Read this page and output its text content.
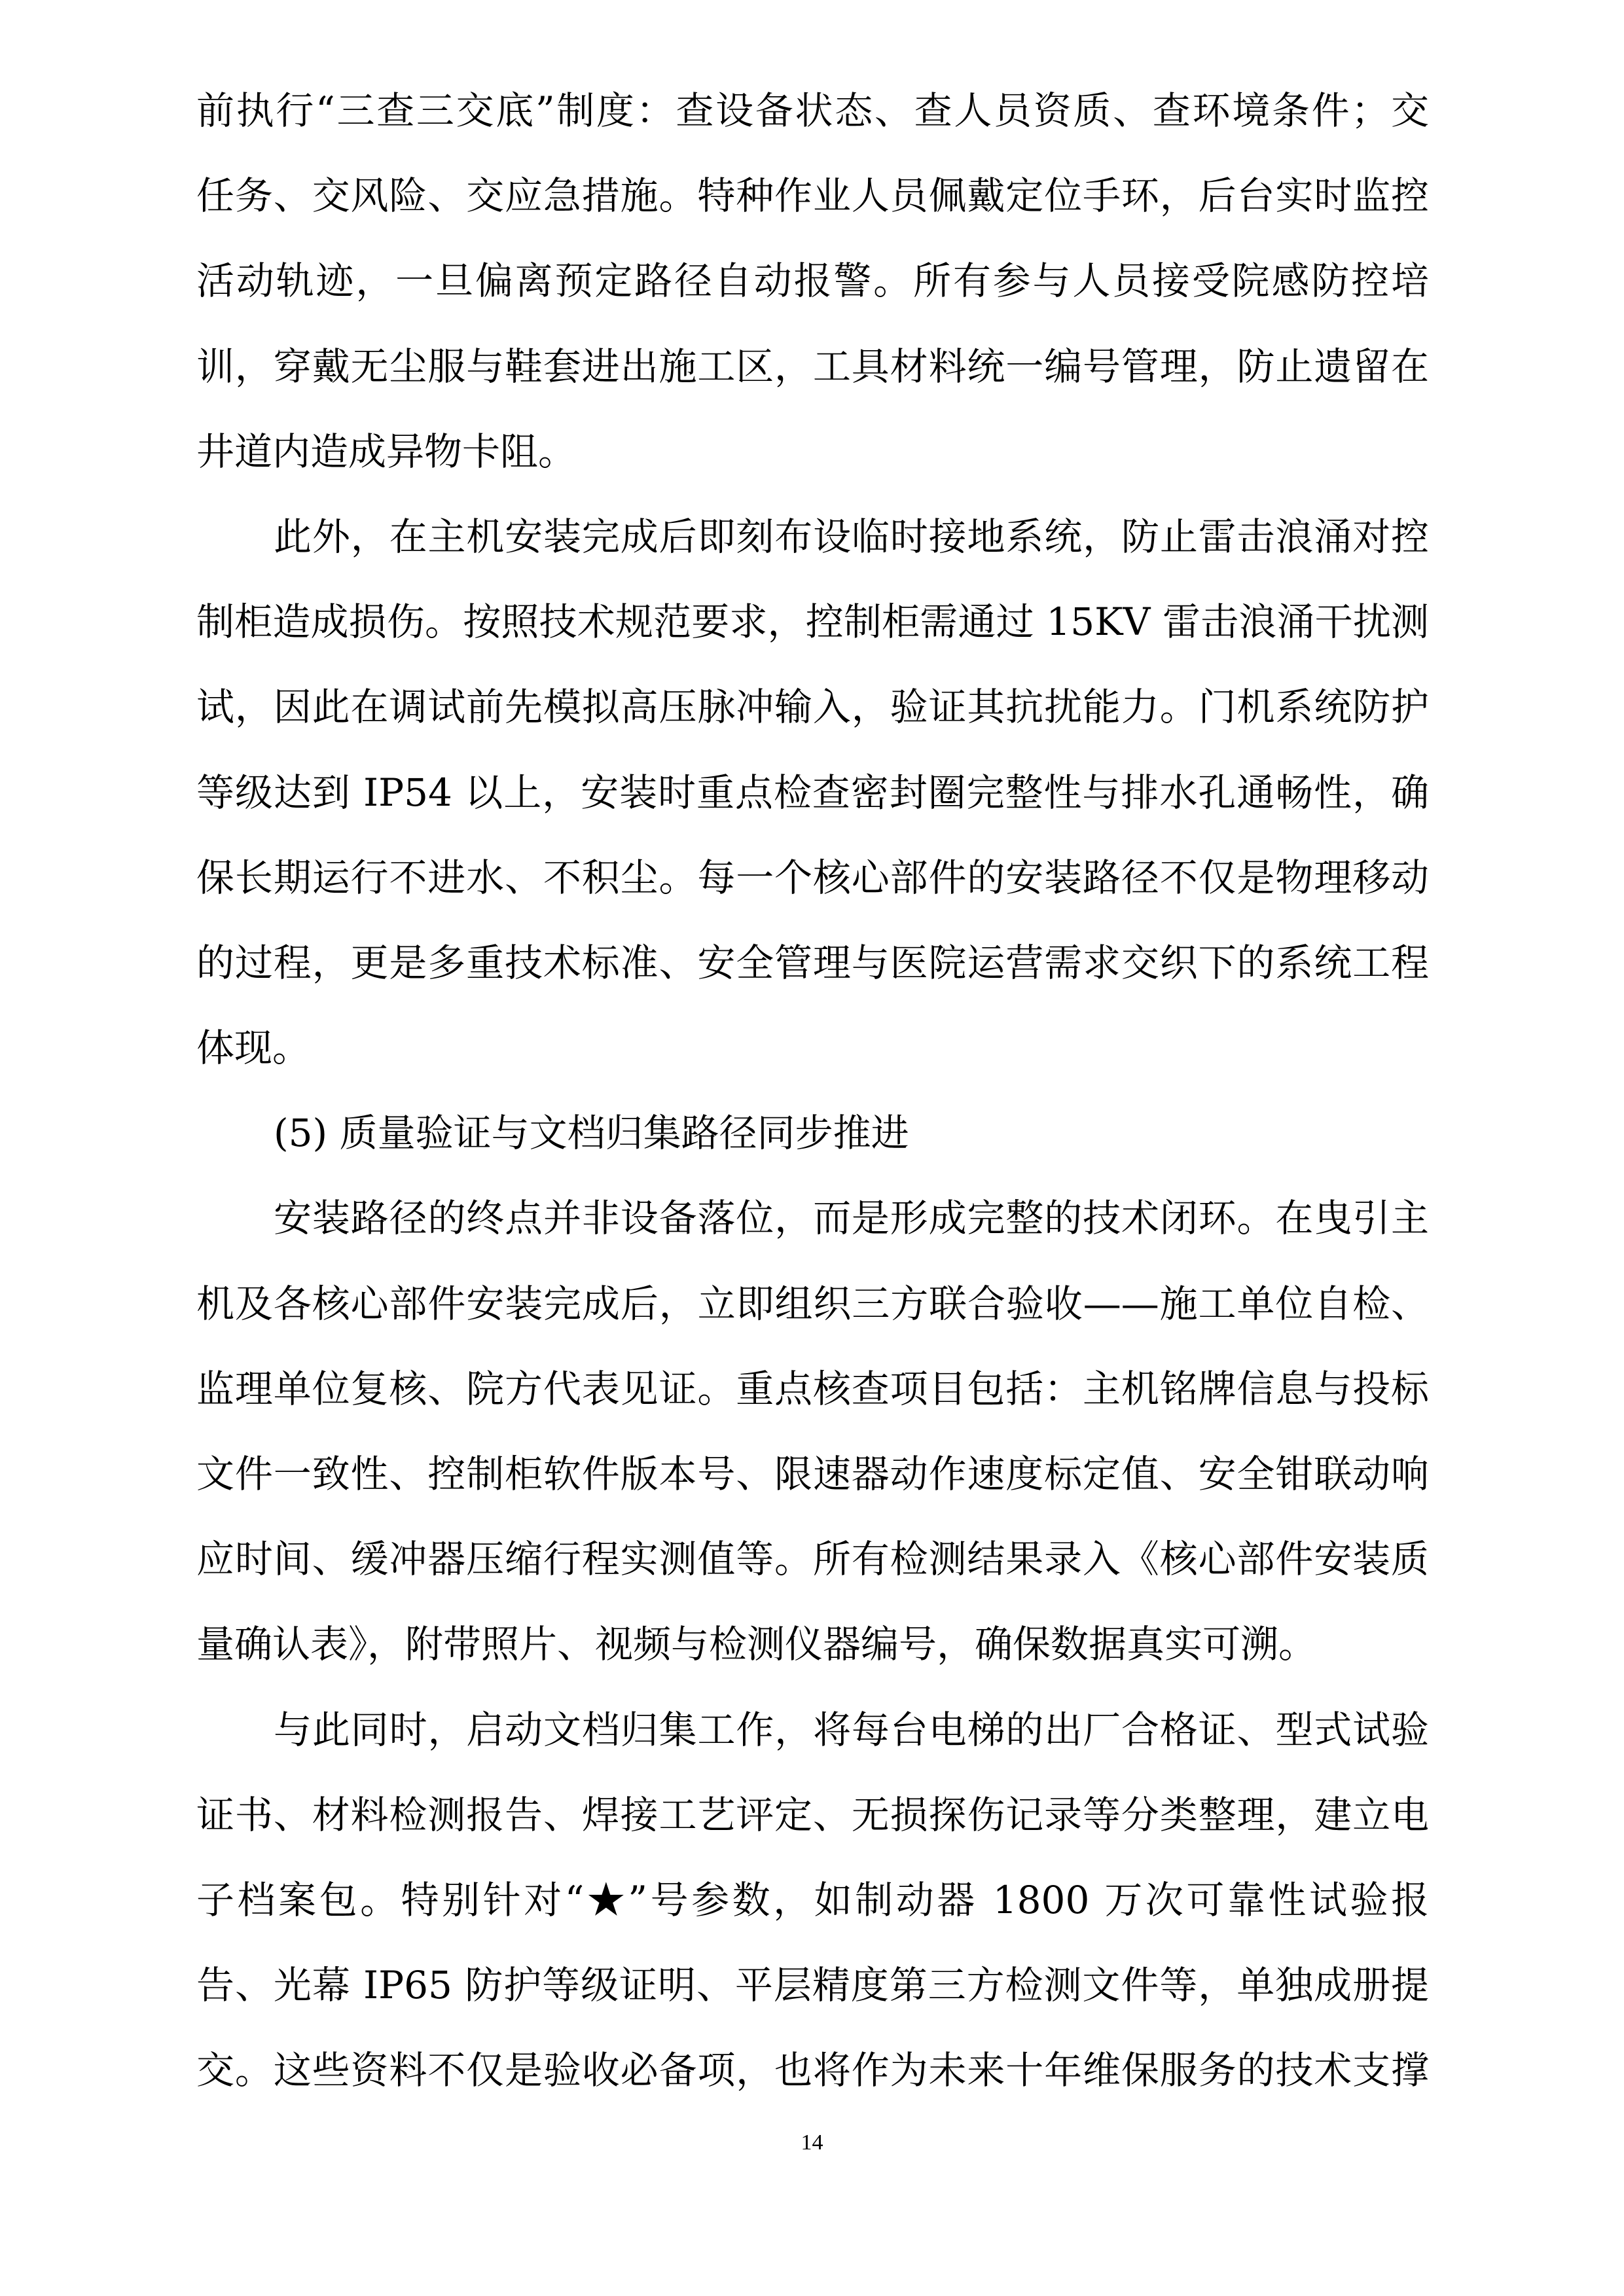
前执行“三查三交底”制度：查设备状态、查人员资质、查环境条件；交
任务、交风险、交应急措施。特种作业人员佩戴定位手环，后台实时监控
活动轨迹，一旦偏离预定路径自动报警。所有参与人员接受院感防控培
训，穿戴无尘服与鞋套进出施工区，工具材料统一编号管理，防止遗留在
井道内造成异物卡阻。
此外，在主机安装完成后即刻布设临时接地系统，防止雷击浪涌对控
制柜造成损伤。按照技术规范要求，控制柜需通过 15KV 雷击浪涌干扰测
试，因此在调试前先模拟高压脉冲输入，验证其抗扰能力。门机系统防护
等级达到 IP54 以上，安装时重点检查密封圈完整性与排水孔通畅性，确
保长期运行不进水、不积尘。每一个核心部件的安装路径不仅是物理移动
的过程，更是多重技术标准、安全管理与医院运营需求交织下的系统工程
体现。
(5) 质量验证与文档归集路径同步推进
安装路径的终点并非设备落位，而是形成完整的技术闭环。在曳引主
机及各核心部件安装完成后，立即组织三方联合验收——施工单位自检、
监理单位复核、院方代表见证。重点核查项目包括：主机铭牌信息与投标
文件一致性、控制柜软件版本号、限速器动作速度标定值、安全钳联动响
应时间、缓冲器压缩行程实测值等。所有检测结果录入《核心部件安装质
量确认表》，附带照片、视频与检测仪器编号，确保数据真实可溯。
与此同时，启动文档归集工作，将每台电梯的出厂合格证、型式试验
证书、材料检测报告、焊接工艺评定、无损探伤记录等分类整理，建立电
子档案包。特别针对“★”号参数，如制动器 1800 万次可靠性试验报
告、光幕 IP65 防护等级证明、平层精度第三方检测文件等，单独成册提
交。这些资料不仅是验收必备项，也将作为未来十年维保服务的技术支撑
14
